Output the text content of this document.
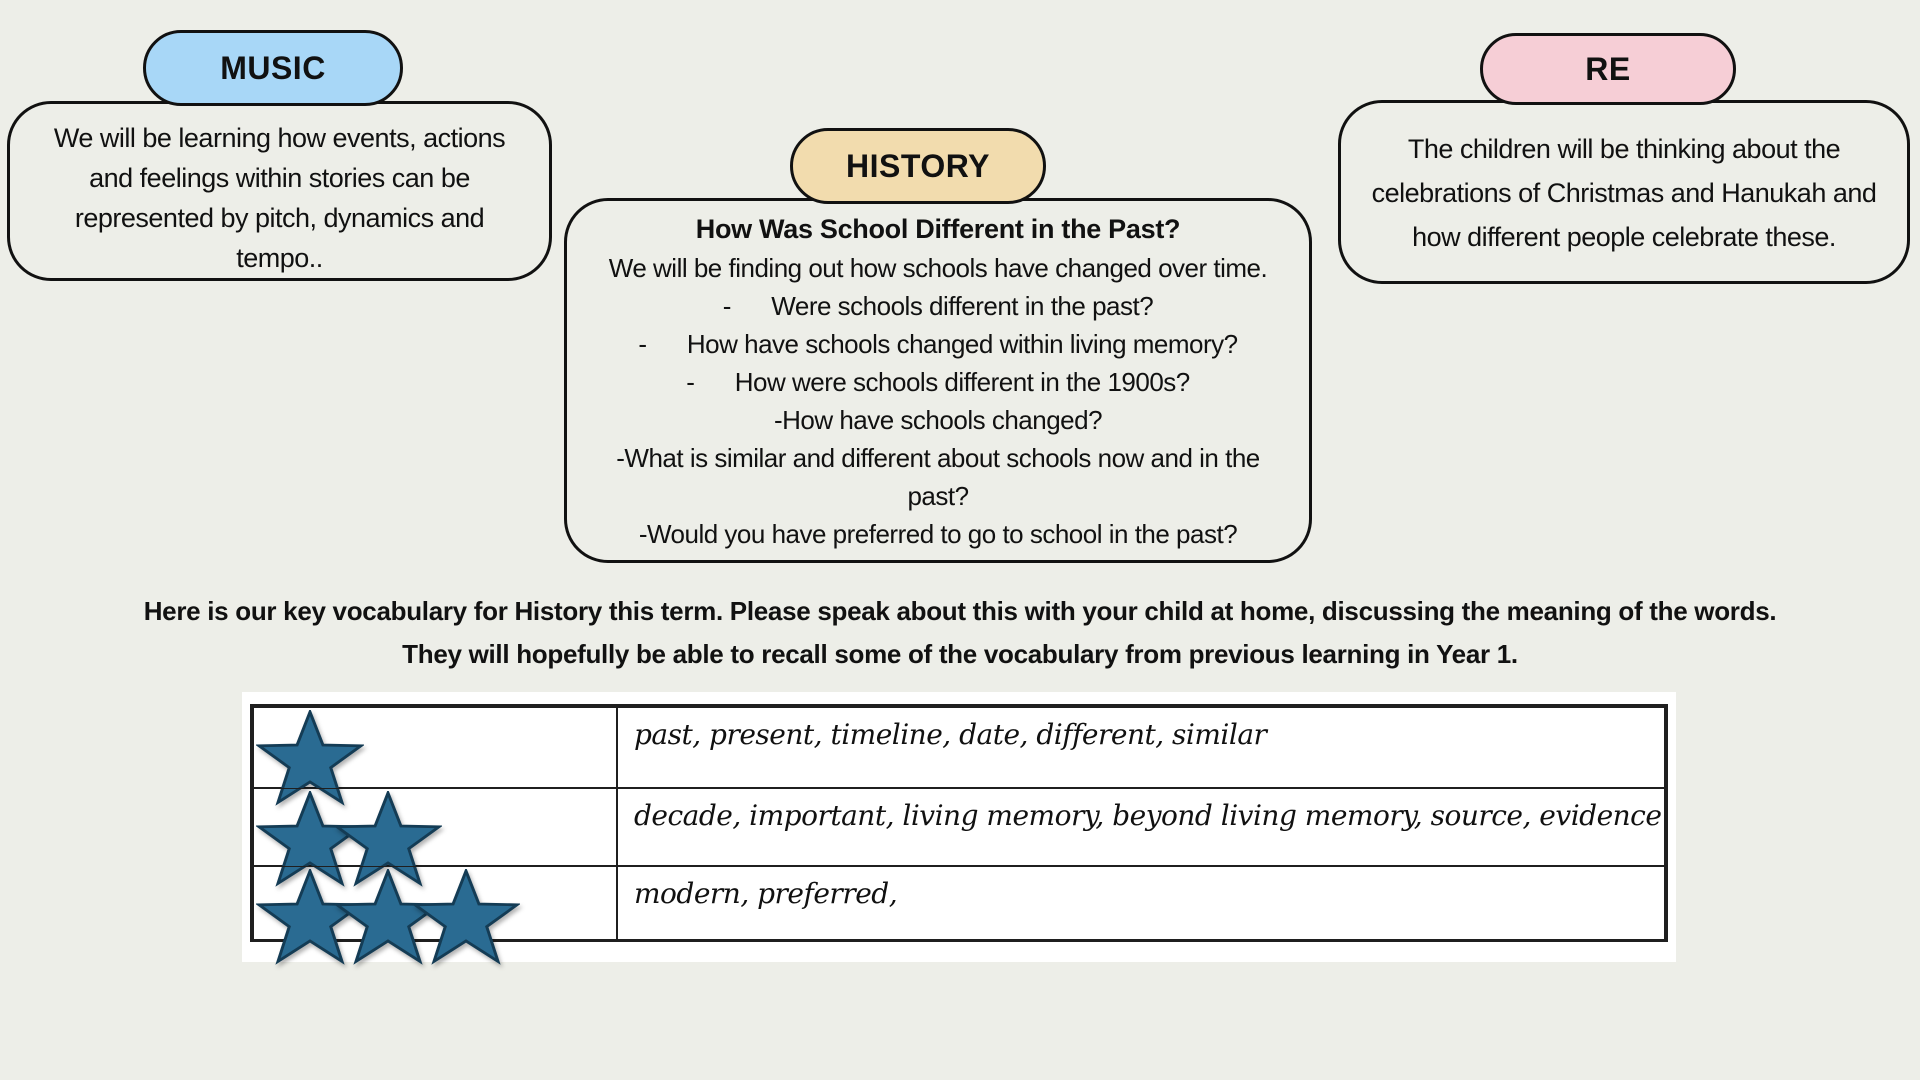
MUSIC
We will be learning how events, actions
and feelings within stories can be
represented by pitch, dynamics and
tempo..
HISTORY
How Was School Different in the Past?
We will be finding out how schools have changed over time.
-      Were schools different in the past?
-      How have schools changed within living memory?
-      How were schools different in the 1900s?
-How have schools changed?
-What is similar and different about schools now and in the
past?
-Would you have preferred to go to school in the past?
RE
The children will be thinking about the
celebrations of Christmas and Hanukah and
how different people celebrate these.
Here is our key vocabulary for History this term. Please speak about this with your child at home, discussing the meaning of the words.
They will hopefully be able to recall some of the vocabulary from previous learning in Year 1.
past, present, timeline, date, different, similar
decade, important, living memory, beyond living memory, source, evidence
modern, preferred,
